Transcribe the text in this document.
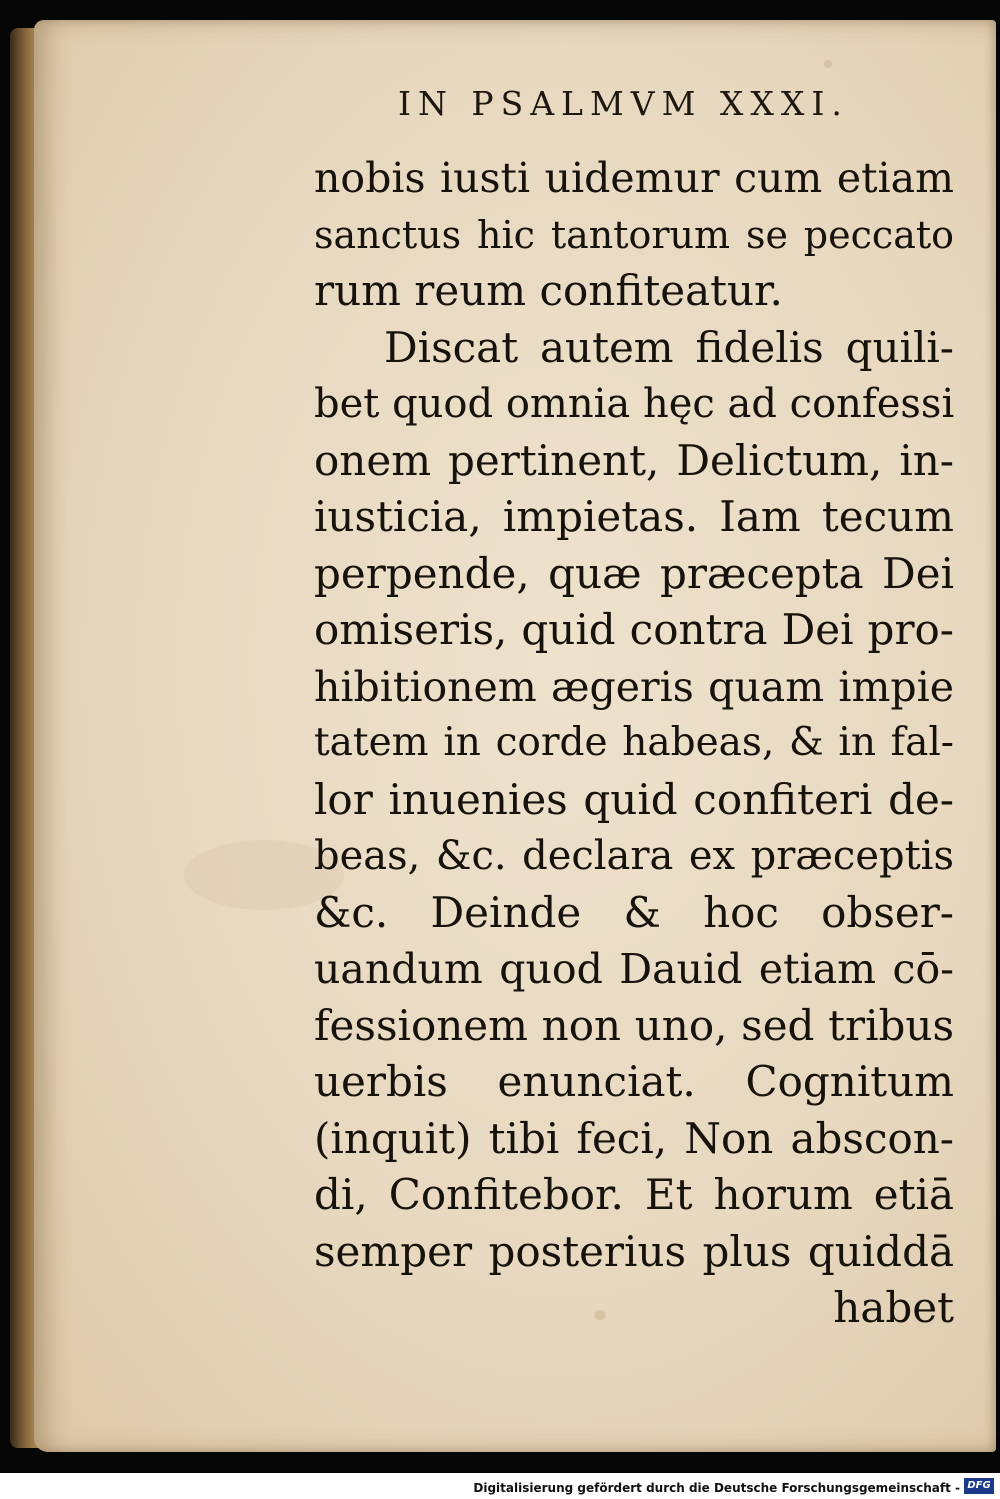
IN PSALMVM XXXI.
nobis iusti uidemur cum etiam
sanctus hic tantorum se peccato
rum reum confiteatur.
Discat autem fidelis quili-
bet quod omnia hęc ad confessi
onem pertinent, Delictum, in-
iusticia, impietas. Iam tecum
perpende, quæ præcepta Dei
omiseris, quid contra Dei pro-
hibitionem ægeris quam impie
tatem in corde habeas, & in fal-
lor inuenies quid confiteri de-
beas, &c. declara ex præceptis
&c. Deinde & hoc obser-
uandum quod Dauid etiam cō-
fessionem non uno, sed tribus
uerbis enunciat. Cognitum
(inquit) tibi feci, Non abscon-
di, Confitebor. Et horum etiā
semper posterius plus quiddā
habet
Digitalisierung gefördert durch die Deutsche Forschungsgemeinschaft - DFG
